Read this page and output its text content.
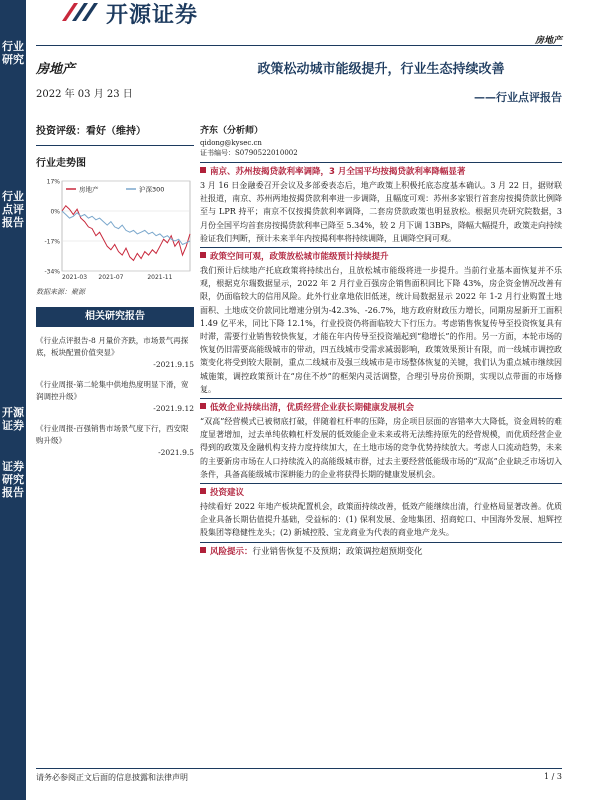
行业研究
行业点评报告
开源证券
证券研究报告
开源证券
房地产
房地产
2022 年 03 月 23 日
投资评级：看好（维持）
行业走势图
17%
0%
-17%
-34%
2021-03 2021-07	2021-11
房地产	沪深300
数据来源：聚源
相关研究报告
《行业点评报告-8 月量价齐跌，市场景气再探底，板块配置价值突显》
-2021.9.15
《行业周报-第二轮集中供地热度明显下滑，宽润调控升级》
-2021.9.12
《行业周报-百强销售市场景气度下行，西安限购升级》
-2021.9.5
政策松动城市能级提升，行业生态持续改善
——行业点评报告
齐东（分析师）
qidong@kysec.cn
证书编号：S0790522010002
南京、苏州按揭贷款利率调降，3 月全国平均按揭贷款利率降幅显著
3 月 16 日金融委召开会议及多部委表态后，地产政策上积极托底态度基本确认。3 月 22 日，据财联社报道，南京、苏州两地按揭贷款利率进一步调降，且幅度可观：苏州多家银行首套房按揭贷款比例降至与 LPR 持平；南京不仅按揭贷款利率调降，二套房贷款政策也明显放松。根据贝壳研究院数据，3 月份全国平均首套房按揭贷款利率已降至 5.34%，较 2 月下调 13BPs，降幅大幅提升，政策走向持续验证我们判断，预计未来半年内按揭利率将持续调降，且调降空间可观。
政策空间可观，政策放松城市能级预计持续提升
我们预计后续地产托底政策将持续出台，且放松城市能级将进一步提升。当前行业基本面恢复并不乐观，根据克尔瑞数据显示，2022 年 2 月行业百强房企销售面积同比下降 43%，房企资金情况改善有限，仍面临较大的信用风险。此外行业拿地依旧低迷，统计局数据显示 2022 年 1-2 月行业购置土地面积、土地成交价款同比增速分别为-42.3%、-26.7%，地方政府财政压力增长，同期房屋新开工面积 1.49 亿平米，同比下降 12.1%，行业投资仍将面临较大下行压力。考虑销售恢复传导至投资恢复具有时滞，需要行业销售较快恢复，才能在年内传导至投资端起到“稳增长”的作用。另一方面，本轮市场的恢复仍旧需要高能级城市的带动，四五线城市受需求减弱影响，政策效果预计有限，而一线城市调控政策变化将受到较大限制，重点二线城市及强三线城市是市场整体恢复的关键，我们认为重点城市继续因城施策，调控政策预计在“房住不炒”的框架内灵活调整，合理引导房价预期，实现以点带面的市场修复。
低效企业持续出清，优质经营企业获长期健康发展机会
“双高”经营模式已被彻底打破，伴随着杠杆率的压降，房企项目层面的容错率大大降低，资金周转的难度显著增加，过去单纯依赖杠杆发展的低效能企业未来或将无法维持原先的经营规模，而优质经营企业得到的政策及金融机构支持力度持续加大，在土地市场的竞争优势持续放大。考虑人口流动趋势，未来的主要新房市场在人口持续流入的高能级城市群，过去主要经营低能级市场的“双高”企业缺乏市场切入条件，具备高能级城市深耕能力的企业将获得长期的健康发展机会。
投资建议
持续看好 2022 年地产板块配置机会，政策面持续改善，低效产能继续出清，行业格局显著改善。优质企业具备长期估值提升基础，受益标的：(1) 保利发展、金地集团、招商蛇口、中国海外发展、旭辉控股集团等稳健性龙头；(2) 新城控股、宝龙商业为代表的商业地产龙头。
风险提示：行业销售恢复不及预期；政策调控超预期变化
请务必参阅正文后面的信息披露和法律声明	1 / 3
